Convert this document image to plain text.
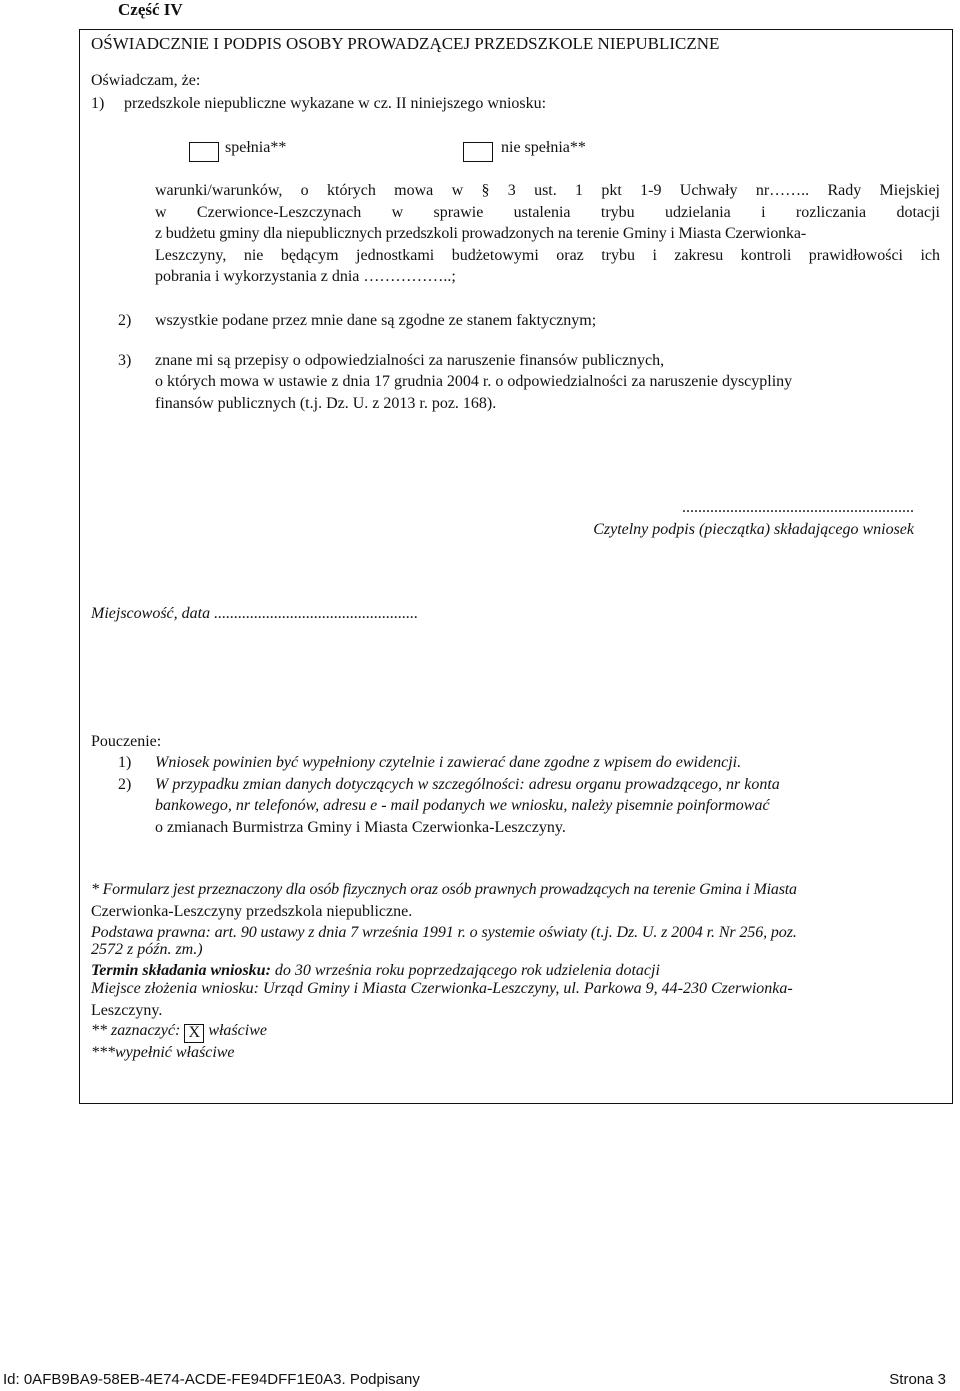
Część IV
OŚWIADCZNIE I PODPIS OSOBY PROWADZĄCEJ PRZEDSZKOLE NIEPUBLICZNE
Oświadczam, że:
1) przedszkole niepubliczne wykazane w cz. II niniejszego wniosku:
spełnia**	nie spełnia**
warunki/warunków, o których mowa w § 3 ust. 1 pkt 1-9 Uchwały nr…….. Rady Miejskiej
w Czerwionce-Leszczynach w sprawie ustalenia trybu udzielania i rozliczania dotacji
z budżetu gminy dla niepublicznych przedszkoli prowadzonych na terenie Gminy i Miasta Czerwionka-
Leszczyny, nie będącym jednostkami budżetowymi oraz trybu i zakresu kontroli prawidłowości ich
pobrania i wykorzystania z dnia ……………..;
2) wszystkie podane przez mnie dane są zgodne ze stanem faktycznym;
3) znane mi są przepisy o odpowiedzialności za naruszenie finansów publicznych,
o których mowa w ustawie z dnia 17 grudnia 2004 r. o odpowiedzialności za naruszenie dyscypliny
finansów publicznych (t.j. Dz. U. z 2013 r. poz. 168).
..........................................................
Czytelny podpis (pieczątka) składającego wniosek
Miejscowość, data ...................................................
Pouczenie:
1) Wniosek powinien być wypełniony czytelnie i zawierać dane zgodne z wpisem do ewidencji.
2) W przypadku zmian danych dotyczących w szczególności: adresu organu prowadzącego, nr konta
bankowego, nr telefonów, adresu e - mail podanych we wniosku, należy pisemnie poinformować
o zmianach Burmistrza Gminy i Miasta Czerwionka-Leszczyny.
* Formularz jest przeznaczony dla osób fizycznych oraz osób prawnych prowadzących na terenie Gmina i Miasta
Czerwionka-Leszczyny przedszkola niepubliczne.
Podstawa prawna: art. 90 ustawy z dnia 7 września 1991 r. o systemie oświaty (t.j. Dz. U. z 2004 r. Nr 256, poz.
2572 z późn. zm.)
Termin składania wniosku: do 30 września roku poprzedzającego rok udzielenia dotacji
Miejsce złożenia wniosku: Urząd Gminy i Miasta Czerwionka-Leszczyny, ul. Parkowa 9, 44-230 Czerwionka-
Leszczyny.
** zaznaczyć: X właściwe
***wypełnić właściwe
Id: 0AFB9BA9-58EB-4E74-ACDE-FE94DFF1E0A3. Podpisany	Strona 3
